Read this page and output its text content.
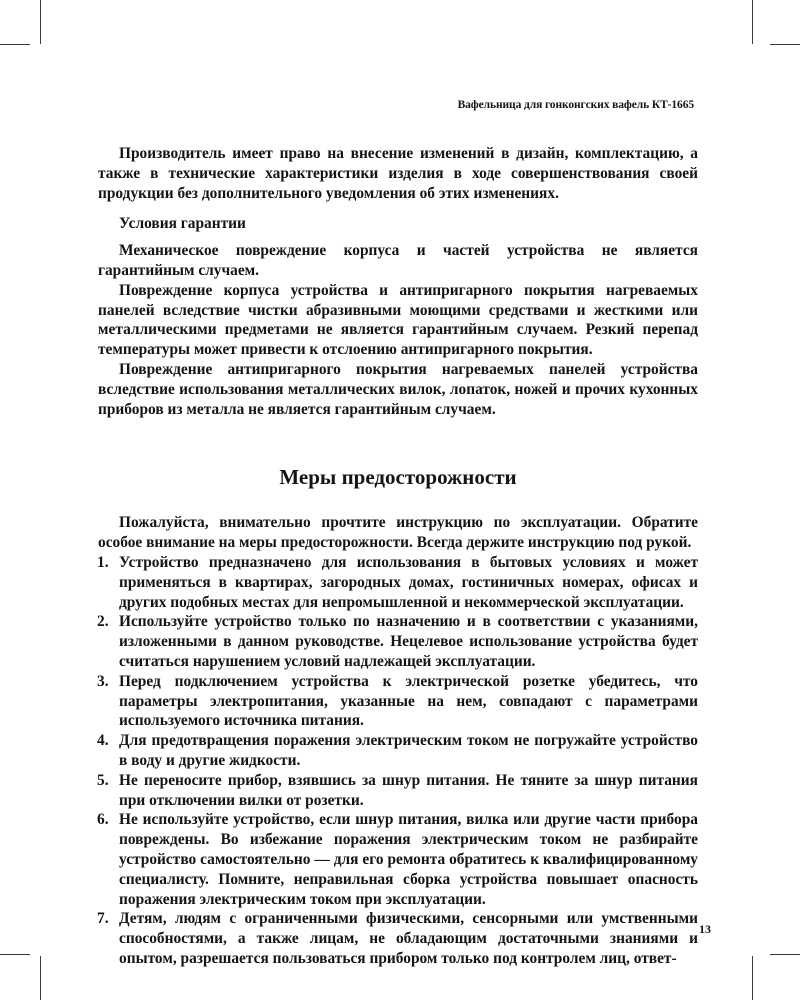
Вафельница для гонконгских вафель КТ-1665

Производитель имеет право на внесение изменений в дизайн, комплектацию, а также в технические характеристики изделия в ходе совершенствования своей продукции без дополнительного уведомления об этих изменениях.

Условия гарантии

Механическое повреждение корпуса и частей устройства не является гарантийным случаем.

Повреждение корпуса устройства и антипригарного покрытия нагреваемых панелей вследствие чистки абразивными моющими средствами и жесткими или металлическими предметами не является гарантийным случаем. Резкий перепад температуры может привести к отслоению антипригарного покрытия.

Повреждение антипригарного покрытия нагреваемых панелей устройства вследствие использования металлических вилок, лопаток, ножей и прочих кухонных приборов из металла не является гарантийным случаем.

Меры предосторожности

Пожалуйста, внимательно прочтите инструкцию по эксплуатации. Обратите особое внимание на меры предосторожности. Всегда держите инструкцию под рукой.

1. Устройство предназначено для использования в бытовых условиях и может применяться в квартирах, загородных домах, гостиничных номерах, офисах и других подобных местах для непромышленной и некоммерческой эксплуатации.
2. Используйте устройство только по назначению и в соответствии с указаниями, изложенными в данном руководстве. Нецелевое использование устройства будет считаться нарушением условий надлежащей эксплуатации.
3. Перед подключением устройства к электрической розетке убедитесь, что параметры электропитания, указанные на нем, совпадают с параметрами используемого источника питания.
4. Для предотвращения поражения электрическим током не погружайте устройство в воду и другие жидкости.
5. Не переносите прибор, взявшись за шнур питания. Не тяните за шнур питания при отключении вилки от розетки.
6. Не используйте устройство, если шнур питания, вилка или другие части прибора повреждены. Во избежание поражения электрическим током не разбирайте устройство самостоятельно — для его ремонта обратитесь к квалифицированному специалисту. Помните, неправильная сборка устройства повышает опасность поражения электрическим током при эксплуатации.
7. Детям, людям с ограниченными физическими, сенсорными или умственными способностями, а также лицам, не обладающим достаточными знаниями и опытом, разрешается пользоваться прибором только под контролем лиц, ответ-
13
